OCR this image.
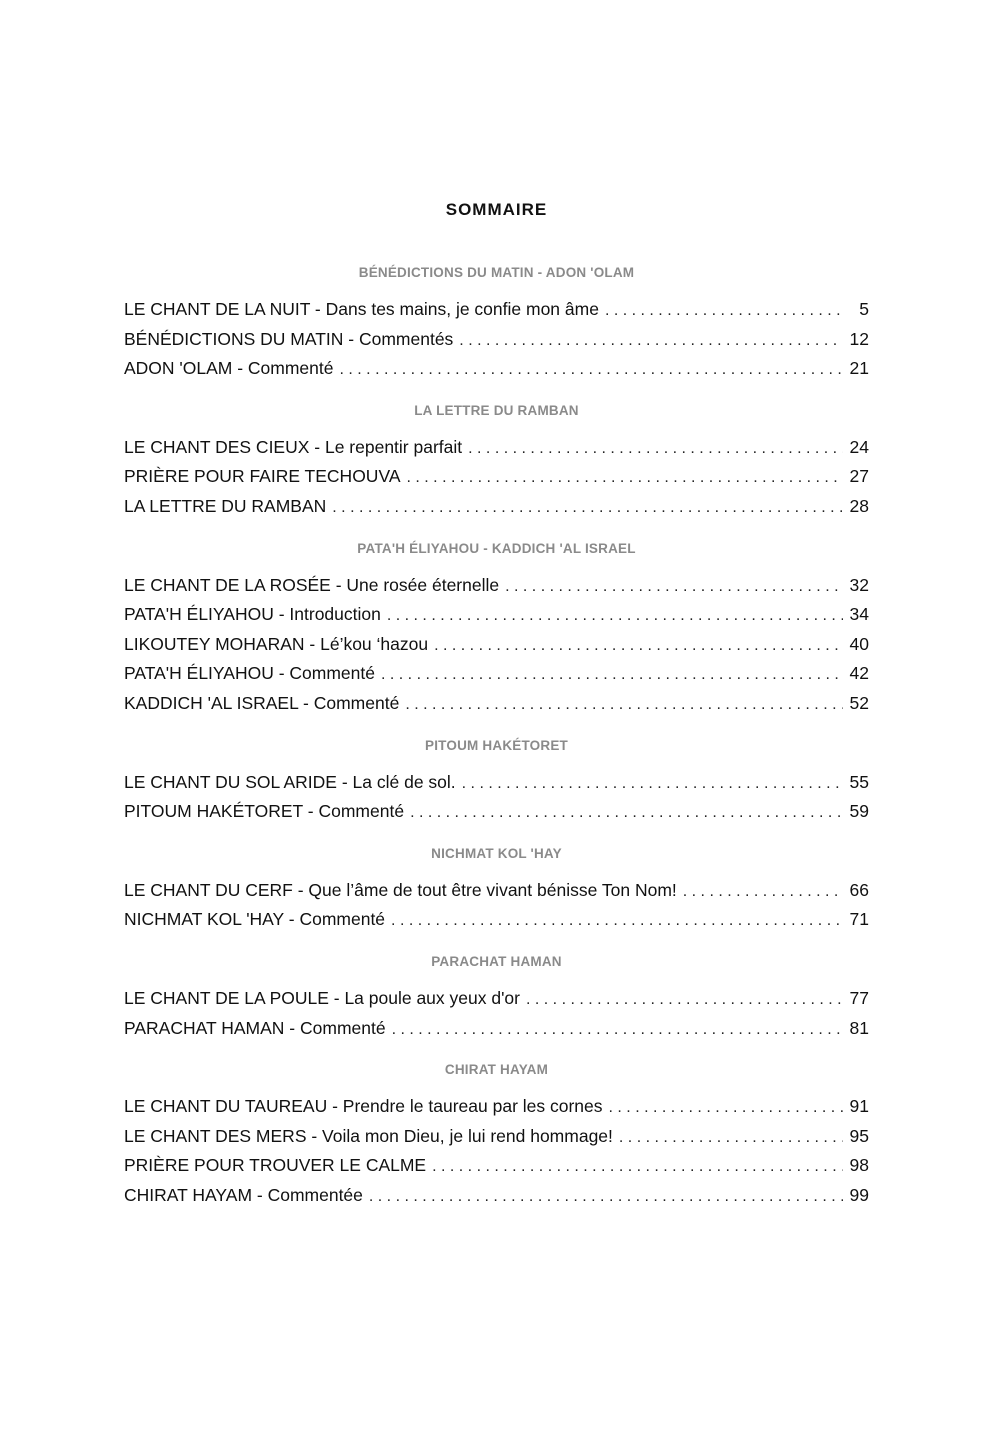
SOMMAIRE
BÉNÉDICTIONS DU MATIN - ADON 'OLAM
LE CHANT DE LA NUIT - Dans tes mains, je confie mon âme . . .	5
BÉNÉDICTIONS DU MATIN - Commentés . . .	12
ADON 'OLAM - Commenté . . .	21
LA LETTRE DU RAMBAN
LE CHANT DES CIEUX - Le repentir parfait . . .	24
PRIÈRE POUR FAIRE TECHOUVA . . .	27
LA LETTRE DU RAMBAN . . .	28
PATA'H ÉLIYAHOU - KADDICH 'AL ISRAEL
LE CHANT DE LA ROSÉE - Une rosée éternelle . . .	32
PATA'H ÉLIYAHOU - Introduction . . .	34
LIKOUTEY MOHARAN - Lé’kou ‘hazou . . .	40
PATA'H ÉLIYAHOU - Commenté . . .	42
KADDICH 'AL ISRAEL - Commenté . . .	52
PITOUM HAKÉTORET
LE CHANT DU SOL ARIDE - La clé de sol. . . .	55
PITOUM HAKÉTORET - Commenté . . .	59
NICHMAT KOL 'HAY
LE CHANT DU CERF - Que l’âme de tout être vivant bénisse Ton Nom! . . .	66
NICHMAT KOL 'HAY - Commenté . . .	71
PARACHAT HAMAN
LE CHANT DE LA POULE - La poule aux yeux d'or . . .	77
PARACHAT HAMAN - Commenté . . .	81
CHIRAT HAYAM
LE CHANT DU TAUREAU - Prendre le taureau par les cornes . . .	91
LE CHANT DES MERS - Voila mon Dieu, je lui rend hommage! . . .	95
PRIÈRE POUR TROUVER LE CALME . . .	98
CHIRAT HAYAM - Commentée . . .	99
